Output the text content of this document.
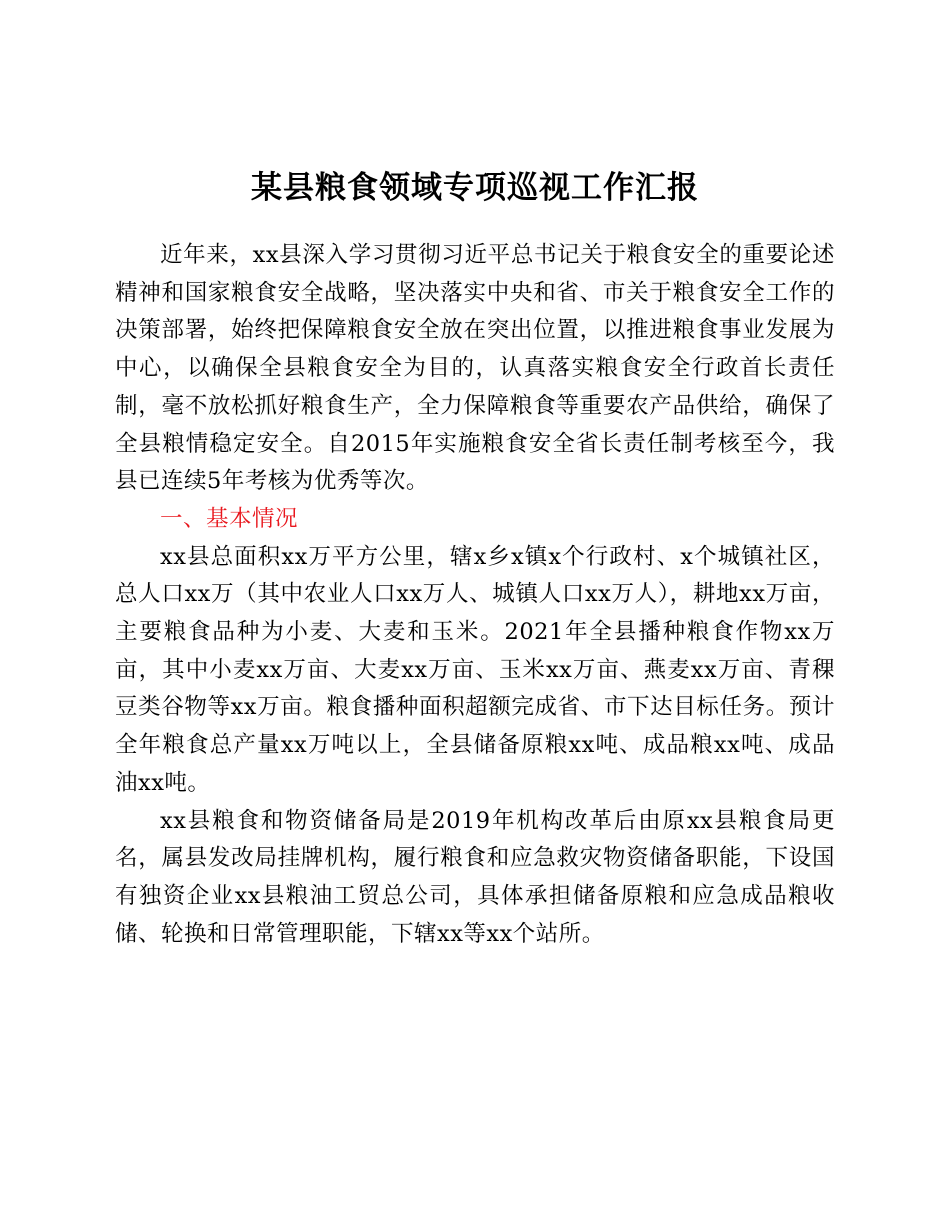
某县粮食领域专项巡视工作汇报

近年来，xx县深入学习贯彻习近平总书记关于粮食安全的重要论述精神和国家粮食安全战略，坚决落实中央和省、市关于粮食安全工作的决策部署，始终把保障粮食安全放在突出位置，以推进粮食事业发展为中心，以确保全县粮食安全为目的，认真落实粮食安全行政首长责任制，毫不放松抓好粮食生产，全力保障粮食等重要农产品供给，确保了全县粮情稳定安全。自2015年实施粮食安全省长责任制考核至今，我县已连续5年考核为优秀等次。

一、基本情况

xx县总面积xx万平方公里，辖x乡x镇x个行政村、x个城镇社区，总人口xx万（其中农业人口xx万人、城镇人口xx万人），耕地xx万亩，主要粮食品种为小麦、大麦和玉米。2021年全县播种粮食作物xx万亩，其中小麦xx万亩、大麦xx万亩、玉米xx万亩、燕麦xx万亩、青稞豆类谷物等xx万亩。粮食播种面积超额完成省、市下达目标任务。预计全年粮食总产量xx万吨以上，全县储备原粮xx吨、成品粮xx吨、成品油xx吨。

xx县粮食和物资储备局是2019年机构改革后由原xx县粮食局更名，属县发改局挂牌机构，履行粮食和应急救灾物资储备职能，下设国有独资企业xx县粮油工贸总公司，具体承担储备原粮和应急成品粮收储、轮换和日常管理职能，下辖xx等xx个站所。
